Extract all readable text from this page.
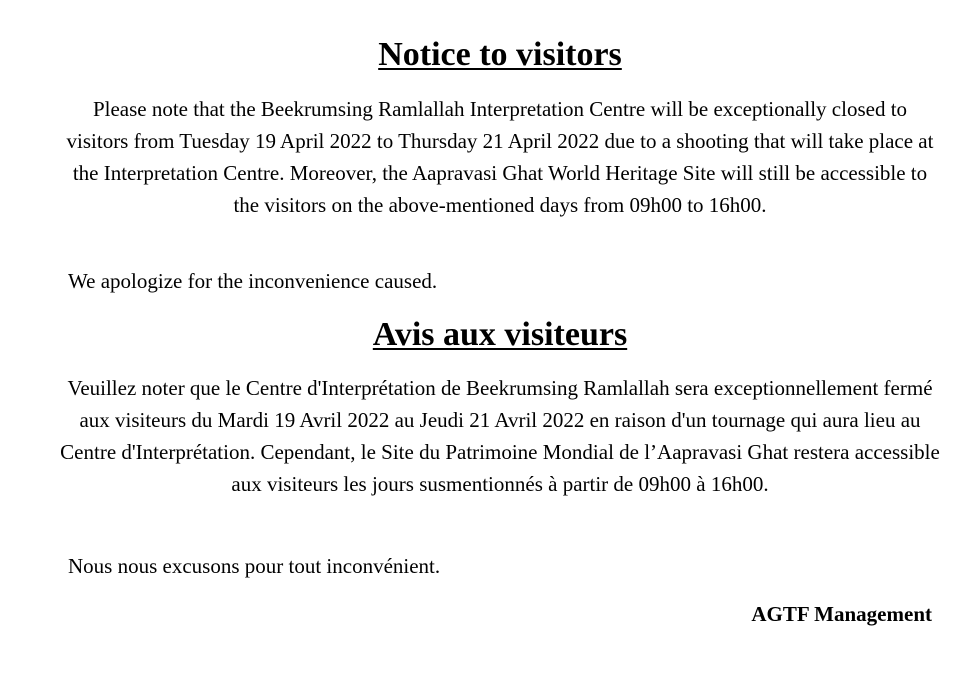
Notice to visitors

Please note that the Beekrumsing Ramlallah Interpretation Centre will be exceptionally closed to visitors from Tuesday 19 April 2022 to Thursday 21 April 2022 due to a shooting that will take place at the Interpretation Centre. Moreover, the Aapravasi Ghat World Heritage Site will still be accessible to the visitors on the above-mentioned days from 09h00 to 16h00.

We apologize for the inconvenience caused.

Avis aux visiteurs

Veuillez noter que le Centre d'Interprétation de Beekrumsing Ramlallah sera exceptionnellement fermé aux visiteurs du Mardi 19 Avril 2022 au Jeudi 21 Avril 2022 en raison d'un tournage qui aura lieu au Centre d'Interprétation. Cependant, le Site du Patrimoine Mondial de l’Aapravasi Ghat restera accessible aux visiteurs les jours susmentionnés à partir de 09h00 à 16h00.

Nous nous excusons pour tout inconvénient.

AGTF Management
